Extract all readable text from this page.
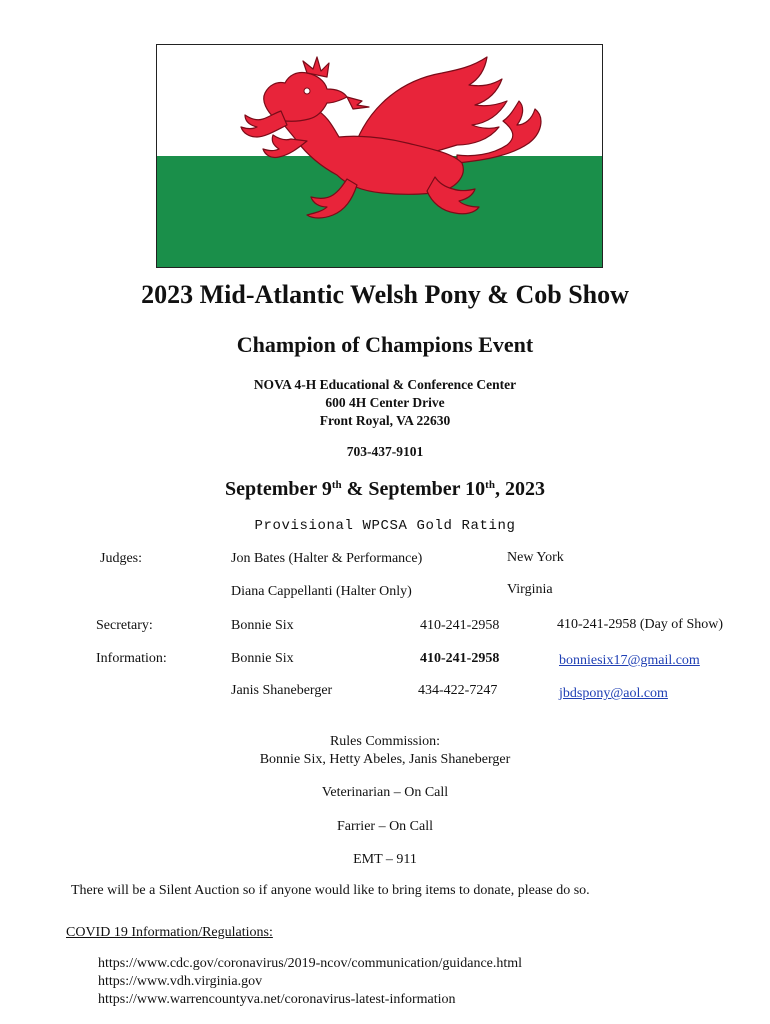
2023 Mid-Atlantic Welsh Pony & Cob Show
Champion of Champions Event
NOVA 4-H Educational & Conference Center
600 4H Center Drive
Front Royal, VA 22630
703-437-9101
September 9th & September 10th, 2023
Provisional WPCSA Gold Rating
Judges:	Jon Bates (Halter & Performance)	New York
Diana Cappellanti (Halter Only)	Virginia
Secretary:	Bonnie Six	410-241-2958	410-241-2958 (Day of Show)
Information:	Bonnie Six	410-241-2958	bonniesix17@gmail.com
Janis Shaneberger	434-422-7247	jbdspony@aol.com
Rules Commission:
Bonnie Six, Hetty Abeles, Janis Shaneberger
Veterinarian – On Call
Farrier – On Call
EMT – 911
There will be a Silent Auction so if anyone would like to bring items to donate, please do so.
COVID 19 Information/Regulations:
https://www.cdc.gov/coronavirus/2019-ncov/communication/guidance.html
https://www.vdh.virginia.gov
https://www.warrencountyva.net/coronavirus-latest-information
